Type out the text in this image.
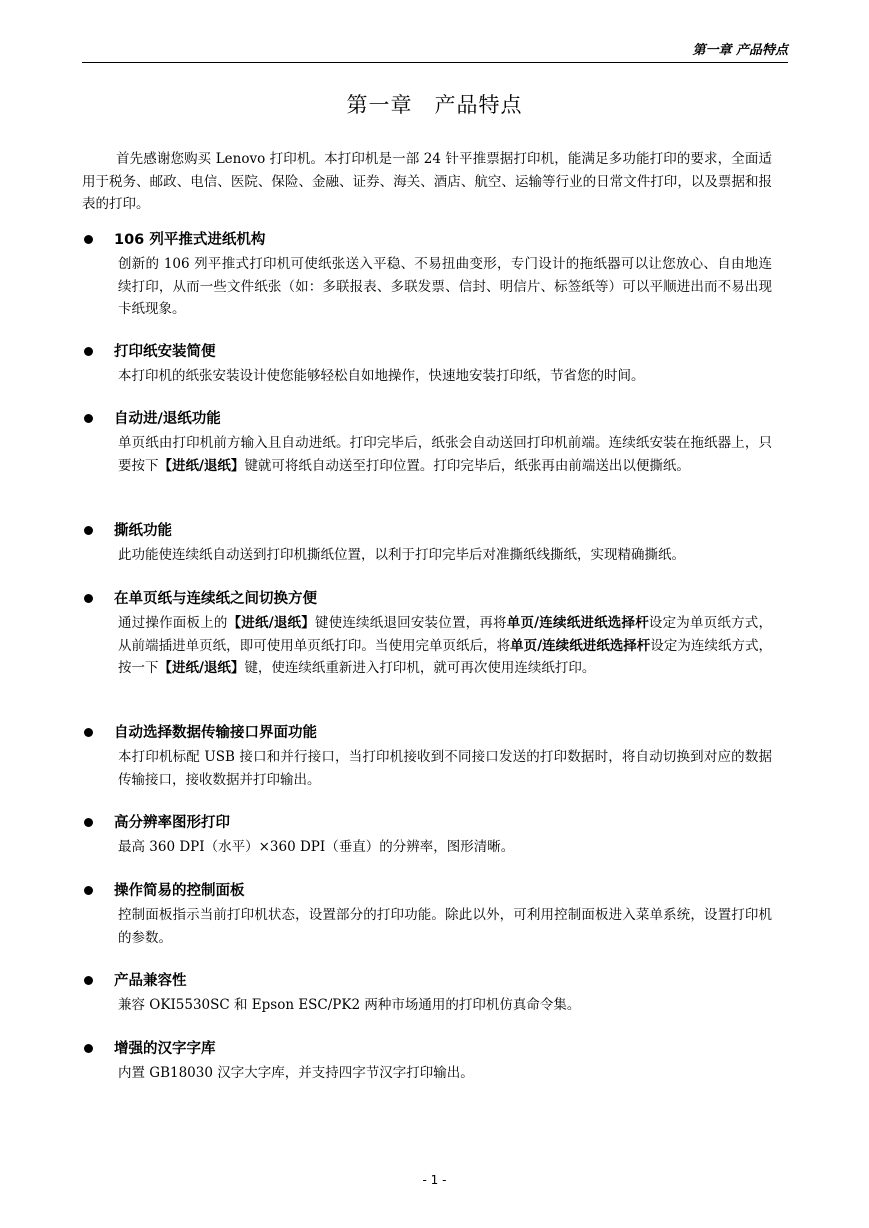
第一章 产品特点
第一章　产品特点
首先感谢您购买 Lenovo 打印机。本打印机是一部 24 针平推票据打印机，能满足多功能打印的要求，全面适用于税务、邮政、电信、医院、保险、金融、证券、海关、酒店、航空、运输等行业的日常文件打印，以及票据和报表的打印。
106 列平推式进纸机构
创新的 106 列平推式打印机可使纸张送入平稳、不易扭曲变形，专门设计的拖纸器可以让您放心、自由地连续打印，从而一些文件纸张（如：多联报表、多联发票、信封、明信片、标签纸等）可以平顺进出而不易出现卡纸现象。
打印纸安装简便
本打印机的纸张安装设计使您能够轻松自如地操作，快速地安装打印纸，节省您的时间。
自动进/退纸功能
单页纸由打印机前方输入且自动进纸。打印完毕后，纸张会自动送回打印机前端。连续纸安装在拖纸器上，只要按下【进纸/退纸】键就可将纸自动送至打印位置。打印完毕后，纸张再由前端送出以便撕纸。
撕纸功能
此功能使连续纸自动送到打印机撕纸位置，以利于打印完毕后对准撕纸线撕纸，实现精确撕纸。
在单页纸与连续纸之间切换方便
通过操作面板上的【进纸/退纸】键使连续纸退回安装位置，再将单页/连续纸进纸选择杆设定为单页纸方式，从前端插进单页纸，即可使用单页纸打印。当使用完单页纸后，将单页/连续纸进纸选择杆设定为连续纸方式，按一下【进纸/退纸】键，使连续纸重新进入打印机，就可再次使用连续纸打印。
自动选择数据传输接口界面功能
本打印机标配 USB 接口和并行接口，当打印机接收到不同接口发送的打印数据时，将自动切换到对应的数据传输接口，接收数据并打印输出。
高分辨率图形打印
最高 360 DPI（水平）×360 DPI（垂直）的分辨率，图形清晰。
操作简易的控制面板
控制面板指示当前打印机状态，设置部分的打印功能。除此以外，可利用控制面板进入菜单系统，设置打印机的参数。
产品兼容性
兼容 OKI5530SC 和 Epson ESC/PK2 两种市场通用的打印机仿真命令集。
增强的汉字字库
内置 GB18030 汉字大字库，并支持四字节汉字打印输出。
- 1 -
